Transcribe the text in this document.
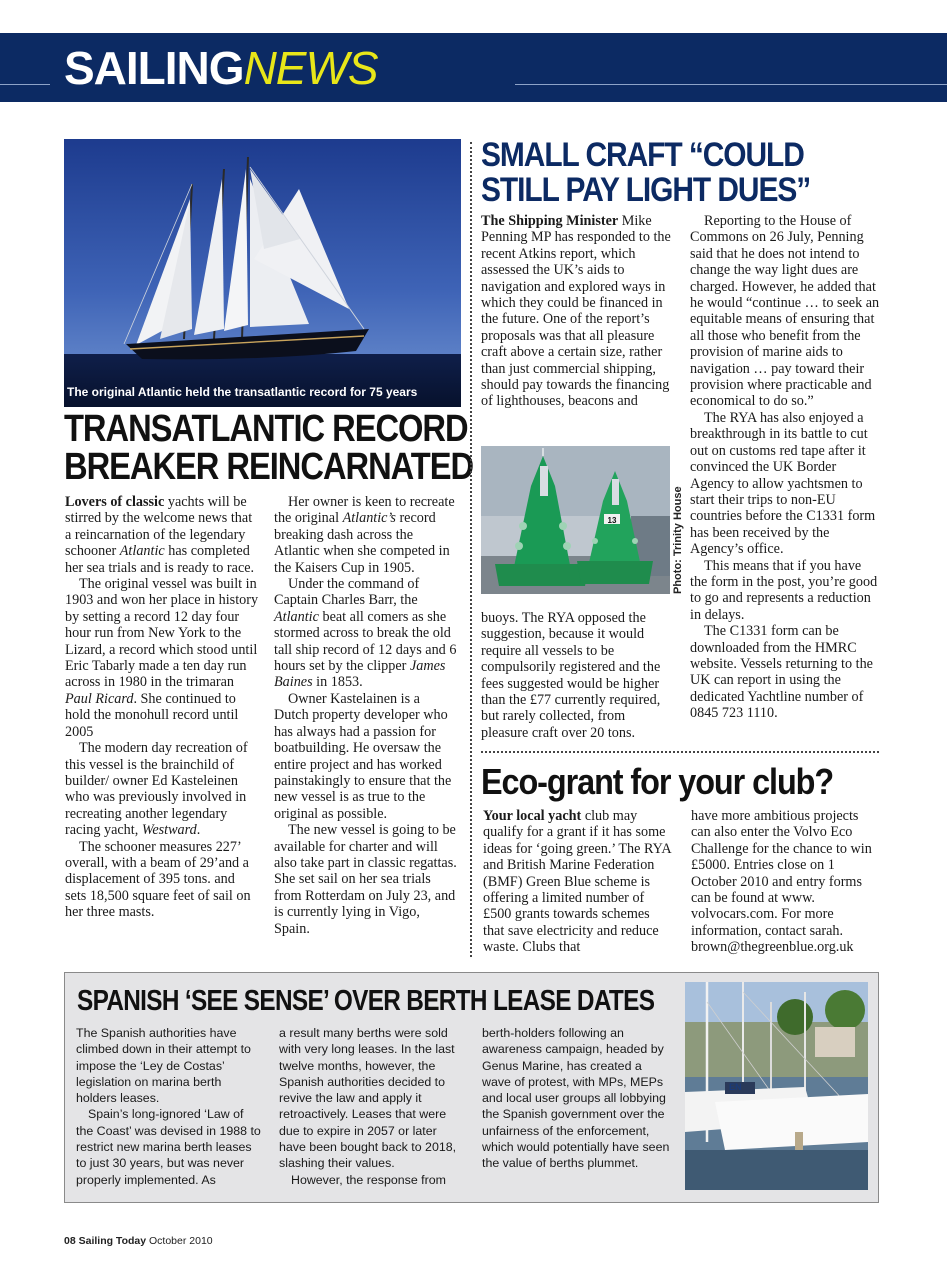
SAILINGNEWS
The original Atlantic held the transatlantic record for 75 years
TRANSATLANTIC RECORD
BREAKER REINCARNATED

Lovers of classic yachts will be stirred by the welcome news that a reincarnation of the legendary schooner Atlantic has completed her sea trials and is ready to race.

The original vessel was built in 1903 and won her place in history by setting a record 12 day four hour run from New York to the Lizard, a record which stood until Eric Tabarly made a ten day run across in 1980 in the trimaran Paul Ricard. She continued to hold the monohull record until 2005

The modern day recreation of this vessel is the brainchild of builder/ owner Ed Kasteleinen who was previously involved in recreating another legendary racing yacht, Westward.

The schooner measures 227’ overall, with a beam of 29’and a displacement of 395 tons. and sets 18,500 square feet of sail on her three masts.

Her owner is keen to recreate the original Atlantic’s record breaking dash across the Atlantic when she competed in the Kaisers Cup in 1905.

Under the command of Captain Charles Barr, the Atlantic beat all comers as she stormed across to break the old tall ship record of 12 days and 6 hours set by the clipper James Baines in 1853.

Owner Kastelainen is a Dutch property developer who has always had a passion for boatbuilding. He oversaw the entire project and has worked painstakingly to ensure that the new vessel is as true to the original as possible.

The new vessel is going to be available for charter and will also take part in classic regattas. She set sail on her sea trials from Rotterdam on July 23, and is currently lying in Vigo, Spain.

SMALL CRAFT “COULD
STILL PAY LIGHT DUES”

The Shipping Minister Mike Penning MP has responded to the recent Atkins report, which assessed the UK’s aids to navigation and explored ways in which they could be financed in the future. One of the report’s proposals was that all pleasure craft above a certain size, rather than just commercial shipping, should pay towards the financing of lighthouses, beacons and

13	Photo: Trinity House

buoys. The RYA opposed the suggestion, because it would require all vessels to be compulsorily registered and the fees suggested would be higher than the £77 currently required, but rarely collected, from pleasure craft over 20 tons.

Reporting to the House of Commons on 26 July, Penning said that he does not intend to change the way light dues are charged. However, he added that he would “continue … to seek an equitable means of ensuring that all those who benefit from the provision of marine aids to navigation … pay toward their provision where practicable and economical to do so.”

The RYA has also enjoyed a breakthrough in its battle to cut out on customs red tape after it convinced the UK Border Agency to allow yachtsmen to start their trips to non-EU countries before the C1331 form has been received by the Agency’s office.

This means that if you have the form in the post, you’re good to go and represents a reduction in delays.

The C1331 form can be downloaded from the HMRC website. Vessels returning to the UK can report in using the dedicated Yachtline number of 0845 723 1110.

Eco-grant for your club?

Your local yacht club may qualify for a grant if it has some ideas for ‘going green.’ The RYA and British Marine Federation (BMF) Green Blue scheme is offering a limited number of £500 grants towards schemes that save electricity and reduce waste. Clubs that

have more ambitious projects can also enter the Volvo Eco Challenge for the chance to win £5000. Entries close on 1 October 2010 and entry forms can be found at www. volvocars.com. For more information, contact sarah. brown@thegreenblue.org.uk

SPANISH ‘SEE SENSE’ OVER BERTH LEASE DATES

The Spanish authorities have climbed down in their attempt to impose the ‘Ley de Costas’ legislation on marina berth holders leases.

Spain’s long-ignored ‘Law of the Coast’ was devised in 1988 to restrict new marina berth leases to just 30 years, but was never properly implemented. As

a result many berths were sold with very long leases. In the last twelve months, however, the Spanish authorities decided to revive the law and apply it retroactively. Leases that were due to expire in 2057 or later have been bought back to 2018, slashing their values.

However, the response from

berth-holders following an awareness campaign, headed by Genus Marine, has created a wave of protest, with MPs, MEPs and local user groups all lobbying the Spanish government over the unfairness of the enforcement, which would potentially have seen the value of berths plummet.

EN
08 Sailing Today October 2010
